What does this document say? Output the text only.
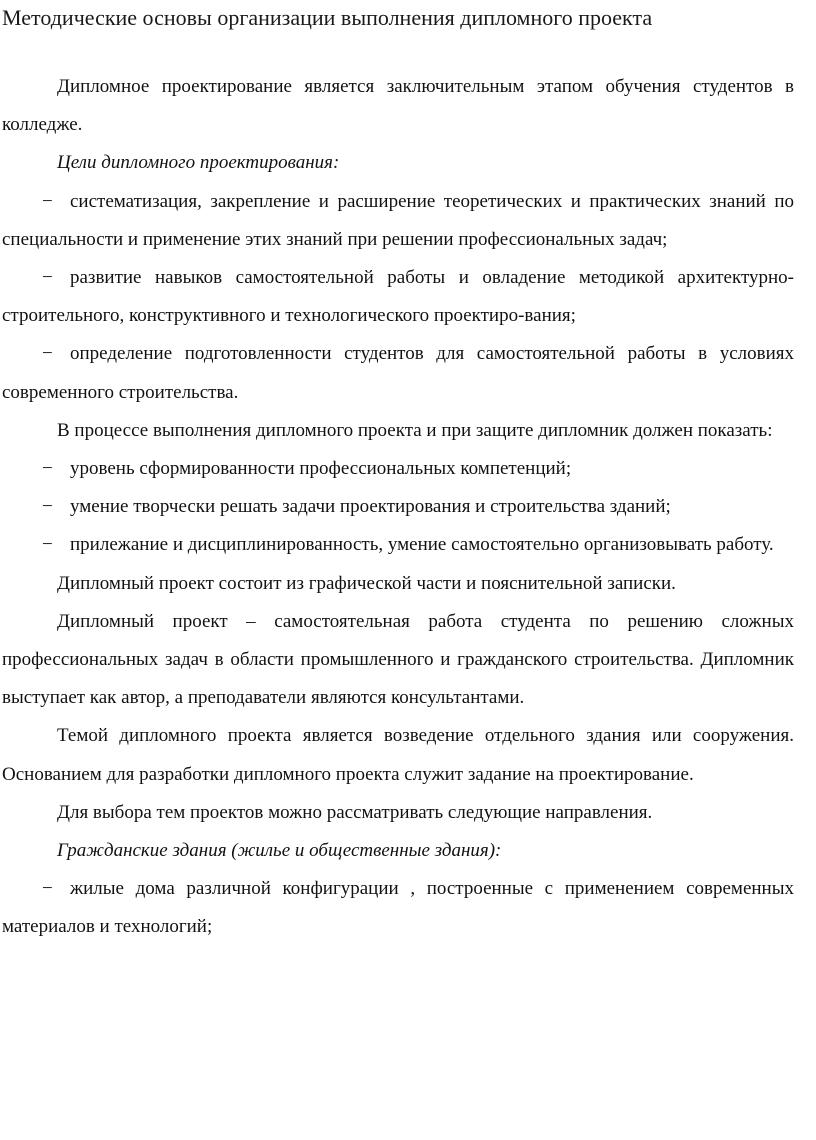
Методические основы организации выполнения дипломного проекта

Дипломное проектирование является заключительным этапом обучения студентов в колледже.

Цели дипломного проектирования:

− систематизация, закрепление и расширение теоретических и практических знаний по специальности и применение этих знаний при решении профессиональных задач;

− развитие навыков самостоятельной работы и овладение методикой архитектурно-строительного, конструктивного и технологического проектиро-вания;

− определение подготовленности студентов для самостоятельной работы в условиях современного строительства.

В процессе выполнения дипломного проекта и при защите дипломник должен показать:

− уровень сформированности профессиональных компетенций;

− умение творчески решать задачи проектирования и строительства зданий;

− прилежание и дисциплинированность, умение самостоятельно организовывать работу.

Дипломный проект состоит из графической части и пояснительной записки.

Дипломный проект – самостоятельная работа студента по решению сложных профессиональных задач в области промышленного и гражданского строительства. Дипломник выступает как автор, а преподаватели являются консультантами.

Темой дипломного проекта является возведение отдельного здания или сооружения. Основанием для разработки дипломного проекта служит задание на проектирование.

Для выбора тем проектов можно рассматривать следующие направления.

Гражданские здания (жилье и общественные здания):

− жилые дома различной конфигурации , построенные с применением современных материалов и технологий;
